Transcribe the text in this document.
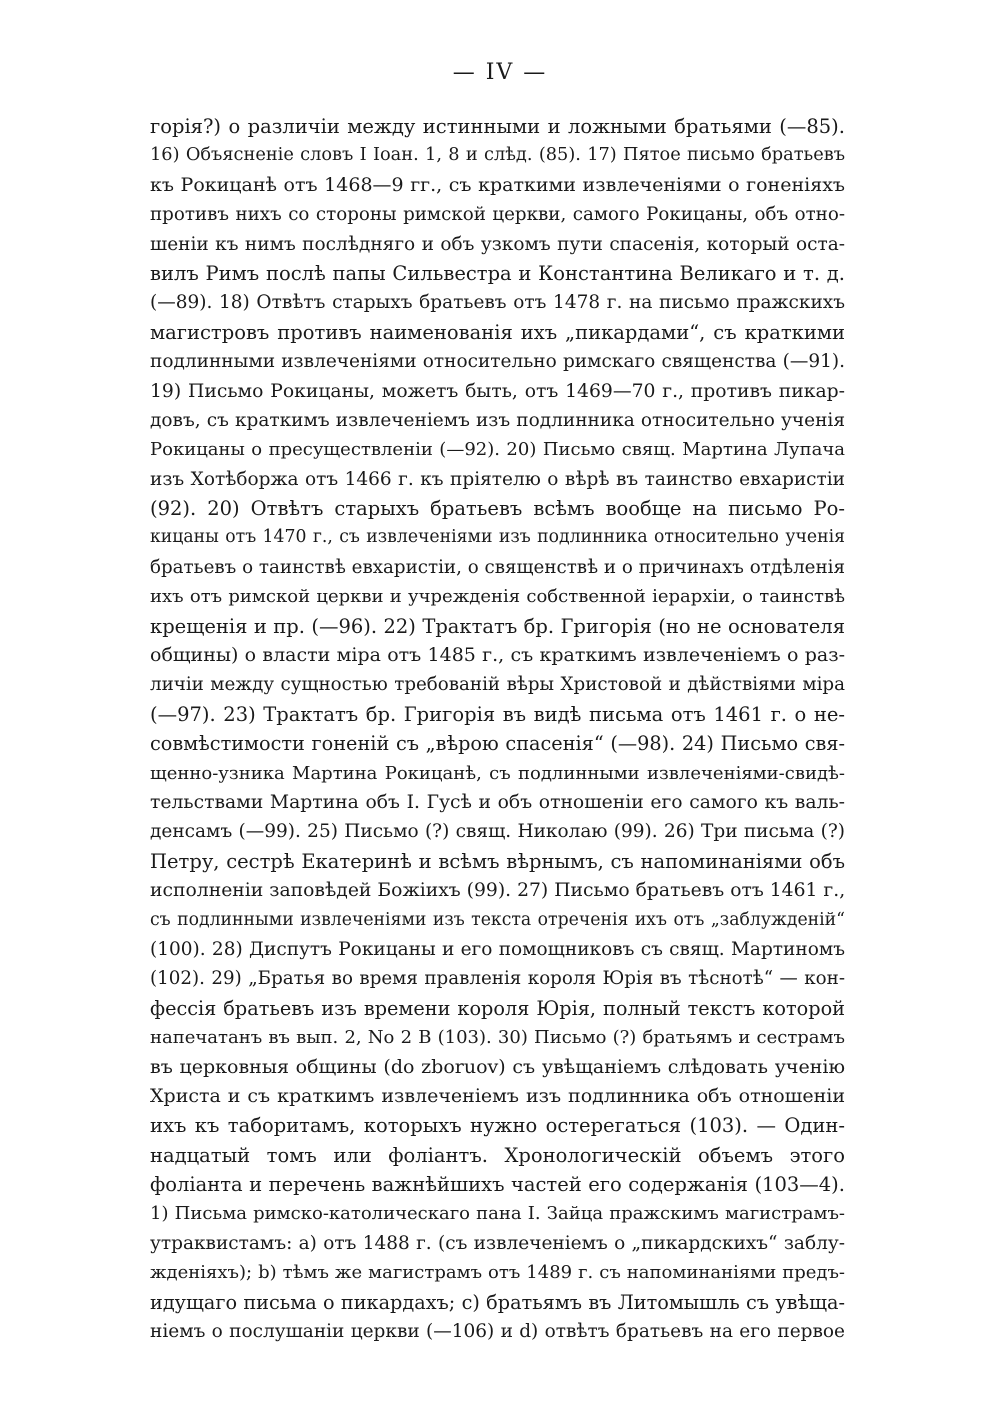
— IV —
горія?) о различіи между истинными и ложными братьями (—85).
16) Объясненіе словъ I Іоан. 1, 8 и слѣд. (85). 17) Пятое письмо братьевъ
къ Рокицанѣ отъ 1468—9 гг., съ краткими извлеченіями о гоненіяхъ
противъ нихъ со стороны римской церкви, самого Рокицаны, объ отно-
шеніи къ нимъ послѣдняго и объ узкомъ пути спасенія, который оста-
вилъ Римъ послѣ папы Сильвестра и Константина Великаго и т. д.
(—89). 18) Отвѣтъ старыхъ братьевъ отъ 1478 г. на письмо пражскихъ
магистровъ противъ наименованія ихъ „пикардами“, съ краткими
подлинными извлеченіями относительно римскаго священства (—91).
19) Письмо Рокицаны, можетъ быть, отъ 1469—70 г., противъ пикар-
довъ, съ краткимъ извлеченіемъ изъ подлинника относительно ученія
Рокицаны о пресуществленіи (—92). 20) Письмо свящ. Мартина Лупача
изъ Хотѣборжа отъ 1466 г. къ пріятелю о вѣрѣ въ таинство евхаристіи
(92). 20) Отвѣтъ старыхъ братьевъ всѣмъ вообще на письмо Ро-
кицаны отъ 1470 г., съ извлеченіями изъ подлинника относительно ученія
братьевъ о таинствѣ евхаристіи, о священствѣ и о причинахъ отдѣленія
ихъ отъ римской церкви и учрежденія собственной іерархіи, о таинствѣ
крещенія и пр. (—96). 22) Трактатъ бр. Григорія (но не основателя
общины) о власти міра отъ 1485 г., съ краткимъ извлеченіемъ о раз-
личіи между сущностью требованій вѣры Христовой и дѣйствіями міра
(—97). 23) Трактатъ бр. Григорія въ видѣ письма отъ 1461 г. о не-
совмѣстимости гоненій съ „вѣрою спасенія“ (—98). 24) Письмо свя-
щенно-узника Мартина Рокицанѣ, съ подлинными извлеченіями-свидѣ-
тельствами Мартина объ I. Гусѣ и объ отношеніи его самого къ валь-
денсамъ (—99). 25) Письмо (?) свящ. Николаю (99). 26) Три письма (?)
Петру, сестрѣ Екатеринѣ и всѣмъ вѣрнымъ, съ напоминаніями объ
исполненіи заповѣдей Божіихъ (99). 27) Письмо братьевъ отъ 1461 г.,
съ подлинными извлеченіями изъ текста отреченія ихъ отъ „заблужденій“
(100). 28) Диспутъ Рокицаны и его помощниковъ съ свящ. Мартиномъ
(102). 29) „Братья во время правленія короля Юрія въ тѣснотѣ“ — кон-
фессія братьевъ изъ времени короля Юрія, полный текстъ которой
напечатанъ въ вып. 2, No 2 B (103). 30) Письмо (?) братьямъ и сестрамъ
въ церковныя общины (do zboruov) съ увѣщаніемъ слѣдовать ученію
Христа и съ краткимъ извлеченіемъ изъ подлинника объ отношеніи
ихъ къ таборитамъ, которыхъ нужно остерегаться (103). — Один-
надцатый томъ или фоліантъ. Хронологическій объемъ этого
фоліанта и перечень важнѣйшихъ частей его содержанія (103—4).
1) Письма римско-католическаго пана I. Зайца пражскимъ магистрамъ-
утраквистамъ: a) отъ 1488 г. (съ извлеченіемъ о „пикардскихъ“ заблу-
жденіяхъ); b) тѣмъ же магистрамъ отъ 1489 г. съ напоминаніями предъ-
идущаго письма о пикардахъ; c) братьямъ въ Литомышль съ увѣща-
ніемъ о послушаніи церкви (—106) и d) отвѣтъ братьевъ на его первое
